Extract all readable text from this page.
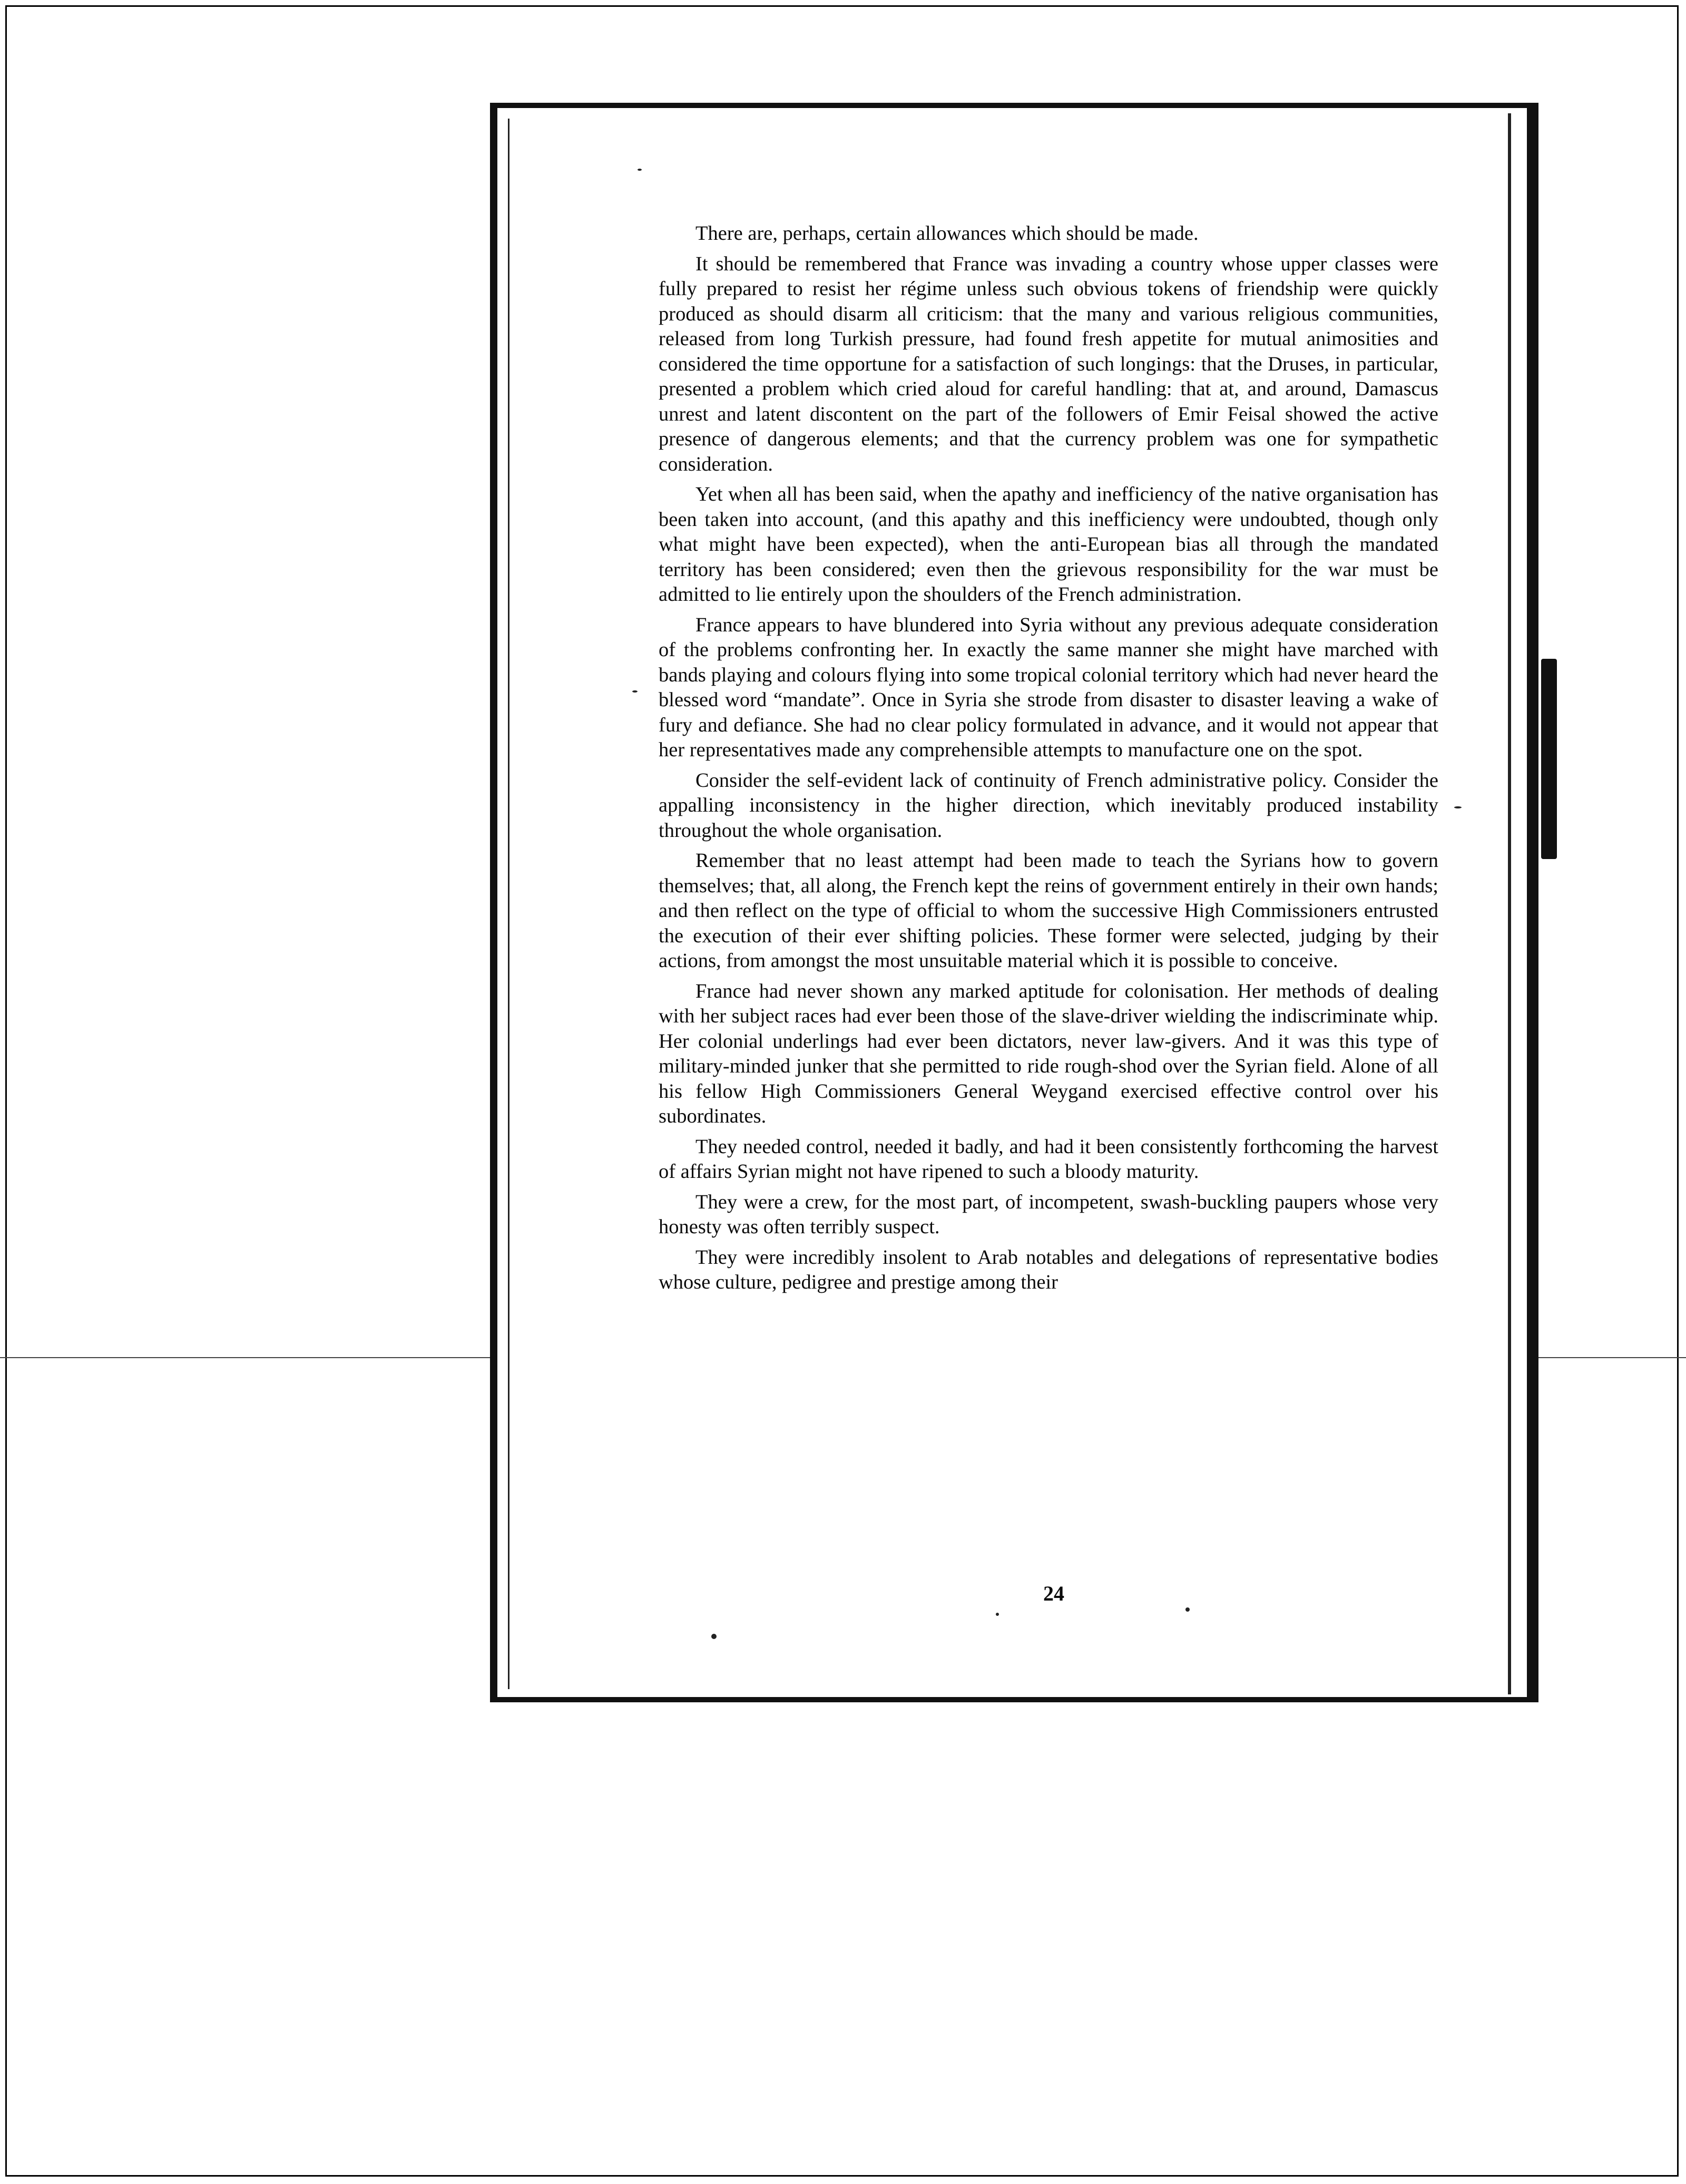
There are, perhaps, certain allowances which should be made.

It should be remembered that France was invading a country whose upper classes were fully prepared to resist her régime unless such obvious tokens of friendship were quickly produced as should disarm all criticism: that the many and various religious communities, released from long Turkish pressure, had found fresh appetite for mutual animosities and considered the time opportune for a satisfaction of such longings: that the Druses, in particular, presented a problem which cried aloud for careful handling: that at, and around, Damascus unrest and latent discontent on the part of the followers of Emir Feisal showed the active presence of dangerous elements; and that the currency problem was one for sympathetic consideration.

Yet when all has been said, when the apathy and inefficiency of the native organisation has been taken into account, (and this apathy and this inefficiency were undoubted, though only what might have been expected), when the anti-European bias all through the mandated territory has been considered; even then the grievous responsibility for the war must be admitted to lie entirely upon the shoulders of the French administration.

France appears to have blundered into Syria without any previous adequate consideration of the problems confronting her. In exactly the same manner she might have marched with bands playing and colours flying into some tropical colonial territory which had never heard the blessed word “mandate”. Once in Syria she strode from disaster to disaster leaving a wake of fury and defiance. She had no clear policy formulated in advance, and it would not appear that her representatives made any comprehensible attempts to manufacture one on the spot.

Consider the self-evident lack of continuity of French administrative policy. Consider the appalling inconsistency in the higher direction, which inevitably produced instability throughout the whole organisation.

Remember that no least attempt had been made to teach the Syrians how to govern themselves; that, all along, the French kept the reins of government entirely in their own hands; and then reflect on the type of official to whom the successive High Commissioners entrusted the execution of their ever shifting policies. These former were selected, judging by their actions, from amongst the most unsuitable material which it is possible to conceive.

France had never shown any marked aptitude for colonisation. Her methods of dealing with her subject races had ever been those of the slave-driver wielding the indiscriminate whip. Her colonial underlings had ever been dictators, never law-givers. And it was this type of military-minded junker that she permitted to ride rough-shod over the Syrian field. Alone of all his fellow High Commissioners General Weygand exercised effective control over his subordinates.

They needed control, needed it badly, and had it been consistently forthcoming the harvest of affairs Syrian might not have ripened to such a bloody maturity.

They were a crew, for the most part, of incompetent, swash-buckling paupers whose very honesty was often terribly suspect.

They were incredibly insolent to Arab notables and delegations of representative bodies whose culture, pedigree and prestige among their

24
